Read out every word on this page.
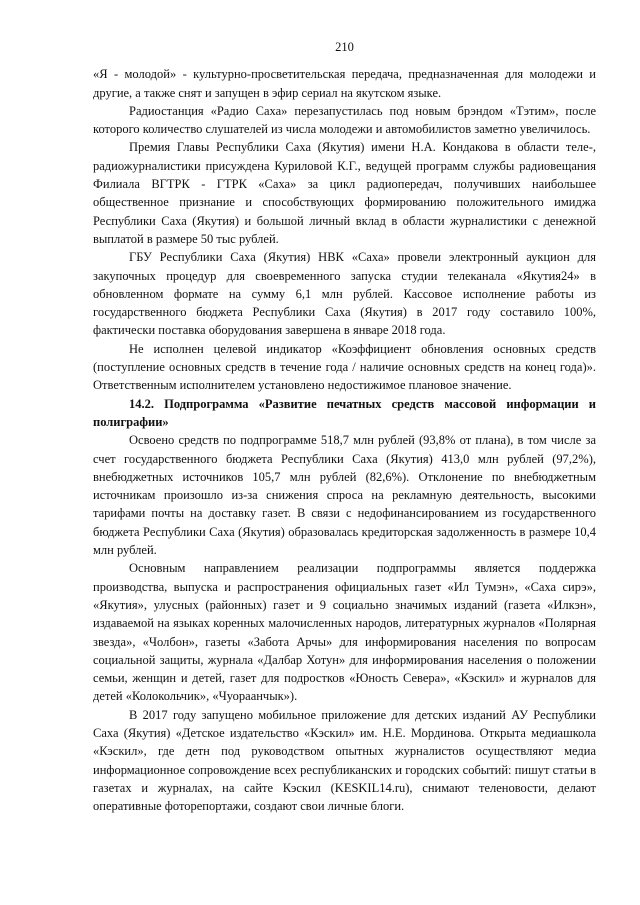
210

«Я - молодой» - культурно-просветительская передача, предназначенная для молодежи и другие, а также снят и запущен в эфир сериал на якутском языке.

Радиостанция «Радио Саха» перезапустилась под новым брэндом «Тэтим», после которого количество слушателей из числа молодежи и автомобилистов заметно увеличилось.

Премия Главы Республики Саха (Якутия) имени Н.А. Кондакова в области теле-, радиожурналистики присуждена Куриловой К.Г., ведущей программ службы радиовещания Филиала ВГТРК - ГТРК «Саха» за цикл радиопередач, получивших наибольшее общественное признание и способствующих формированию положительного имиджа Республики Саха (Якутия) и большой личный вклад в области журналистики с денежной выплатой в размере 50 тыс рублей.

ГБУ Республики Саха (Якутия) НВК «Саха» провели электронный аукцион для закупочных процедур для своевременного запуска студии телеканала «Якутия24» в обновленном формате на сумму 6,1 млн рублей. Кассовое исполнение работы из государственного бюджета Республики Саха (Якутия) в 2017 году составило 100%, фактически поставка оборудования завершена в январе 2018 года.

Не исполнен целевой индикатор «Коэффициент обновления основных средств (поступление основных средств в течение года / наличие основных средств на конец года)». Ответственным исполнителем установлено недостижимое плановое значение.

14.2. Подпрограмма «Развитие печатных средств массовой информации и полиграфии»

Освоено средств по подпрограмме 518,7 млн рублей (93,8% от плана), в том числе за счет государственного бюджета Республики Саха (Якутия) 413,0 млн рублей (97,2%), внебюджетных источников 105,7 млн рублей (82,6%). Отклонение по внебюджетным источникам произошло из-за снижения спроса на рекламную деятельность, высокими тарифами почты на доставку газет. В связи с недофинансированием из государственного бюджета Республики Саха (Якутия) образовалась кредиторская задолженность в размере 10,4 млн рублей.

Основным направлением реализации подпрограммы является поддержка производства, выпуска и распространения официальных газет «Ил Тумэн», «Саха сирэ», «Якутия», улусных (районных) газет и 9 социально значимых изданий (газета «Илкэн», издаваемой на языках коренных малочисленных народов, литературных журналов «Полярная звезда», «Чолбон», газеты «Забота Арчы» для информирования населения по вопросам социальной защиты, журнала «Далбар Хотун» для информирования населения о положении семьи, женщин и детей, газет для подростков «Юность Севера», «Кэскил» и журналов для детей «Колокольчик», «Чуораанчык»).

В 2017 году запущено мобильное приложение для детских изданий АУ Республики Саха (Якутия) «Детское издательство «Кэскил» им. Н.Е. Мординова. Открыта медиашкола «Кэскил», где детн под руководством опытных журналистов осуществляют медиа информационное сопровождение всех республиканских и городских событий: пишут статьи в газетах и журналах, на сайте Кэскил (KESKIL14.ru), снимают теленовости, делают оперативные фоторепортажи, создают свои личные блоги.
